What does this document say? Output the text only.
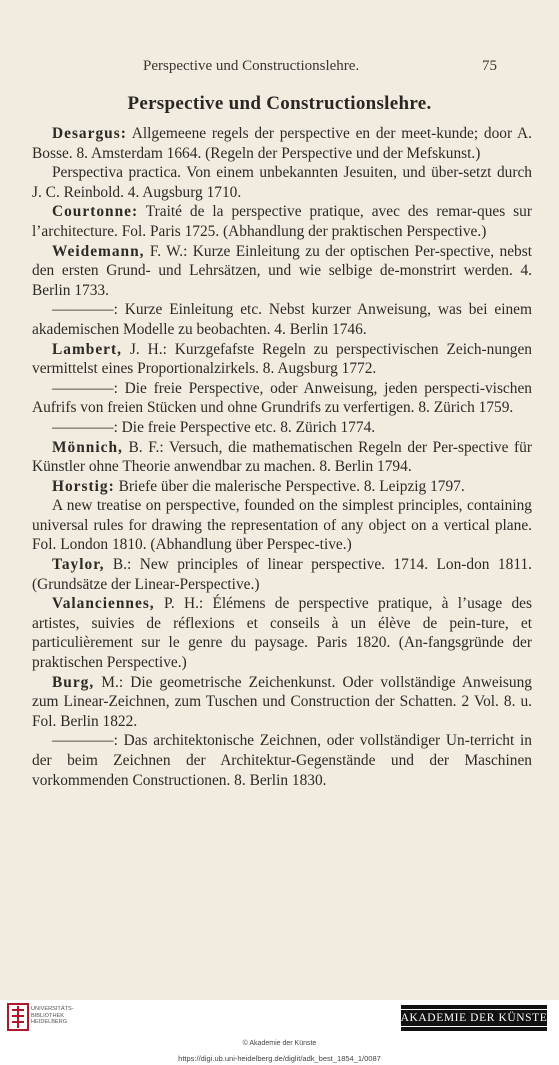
Perspective und Constructionslehre.	75
Perspective und Constructionslehre.

Desargus: Allgemeene regels der perspective en der meet-kunde; door A. Bosse. 8. Amsterdam 1664. (Regeln der Perspective und der Mefskunst.)

Perspectiva practica. Von einem unbekannten Jesuiten, und über-setzt durch J. C. Reinbold. 4. Augsburg 1710.

Courtonne: Traité de la perspective pratique, avec des remar-ques sur l’architecture. Fol. Paris 1725. (Abhandlung der praktischen Perspective.)

Weidemann, F. W.: Kurze Einleitung zu der optischen Per-spective, nebst den ersten Grund- und Lehrsätzen, und wie selbige de-monstrirt werden. 4. Berlin 1733.

————: Kurze Einleitung etc. Nebst kurzer Anweisung, was bei einem akademischen Modelle zu beobachten. 4. Berlin 1746.

Lambert, J. H.: Kurzgefafste Regeln zu perspectivischen Zeich-nungen vermittelst eines Proportionalzirkels. 8. Augsburg 1772.

————: Die freie Perspective, oder Anweisung, jeden perspecti-vischen Aufrifs von freien Stücken und ohne Grundrifs zu verfertigen. 8. Zürich 1759.

————: Die freie Perspective etc. 8. Zürich 1774.

Mönnich, B. F.: Versuch, die mathematischen Regeln der Per-spective für Künstler ohne Theorie anwendbar zu machen. 8. Berlin 1794.

Horstig: Briefe über die malerische Perspective. 8. Leipzig 1797.

A new treatise on perspective, founded on the simplest principles, containing universal rules for drawing the representation of any object on a vertical plane. Fol. London 1810. (Abhandlung über Perspec-tive.)

Taylor, B.: New principles of linear perspective. 1714. Lon-don 1811. (Grundsätze der Linear-Perspective.)

Valanciennes, P. H.: Élémens de perspective pratique, à l’usage des artistes, suivies de réflexions et conseils à un élève de pein-ture, et particulièrement sur le genre du paysage. Paris 1820. (An-fangsgründe der praktischen Perspective.)

Burg, M.: Die geometrische Zeichenkunst. Oder vollständige Anweisung zum Linear-Zeichnen, zum Tuschen und Construction der Schatten. 2 Vol. 8. u. Fol. Berlin 1822.

————: Das architektonische Zeichnen, oder vollständiger Un-terricht in der beim Zeichnen der Architektur-Gegenstände und der Maschinen vorkommenden Constructionen. 8. Berlin 1830.

UNIVERSITÄTS-
BIBLIOTHEK
HEIDELBERG	AKADEMIE DER KÜNSTE
© Akademie der Künste
https://digi.ub.uni-heidelberg.de/diglit/adk_best_1854_1/0087
